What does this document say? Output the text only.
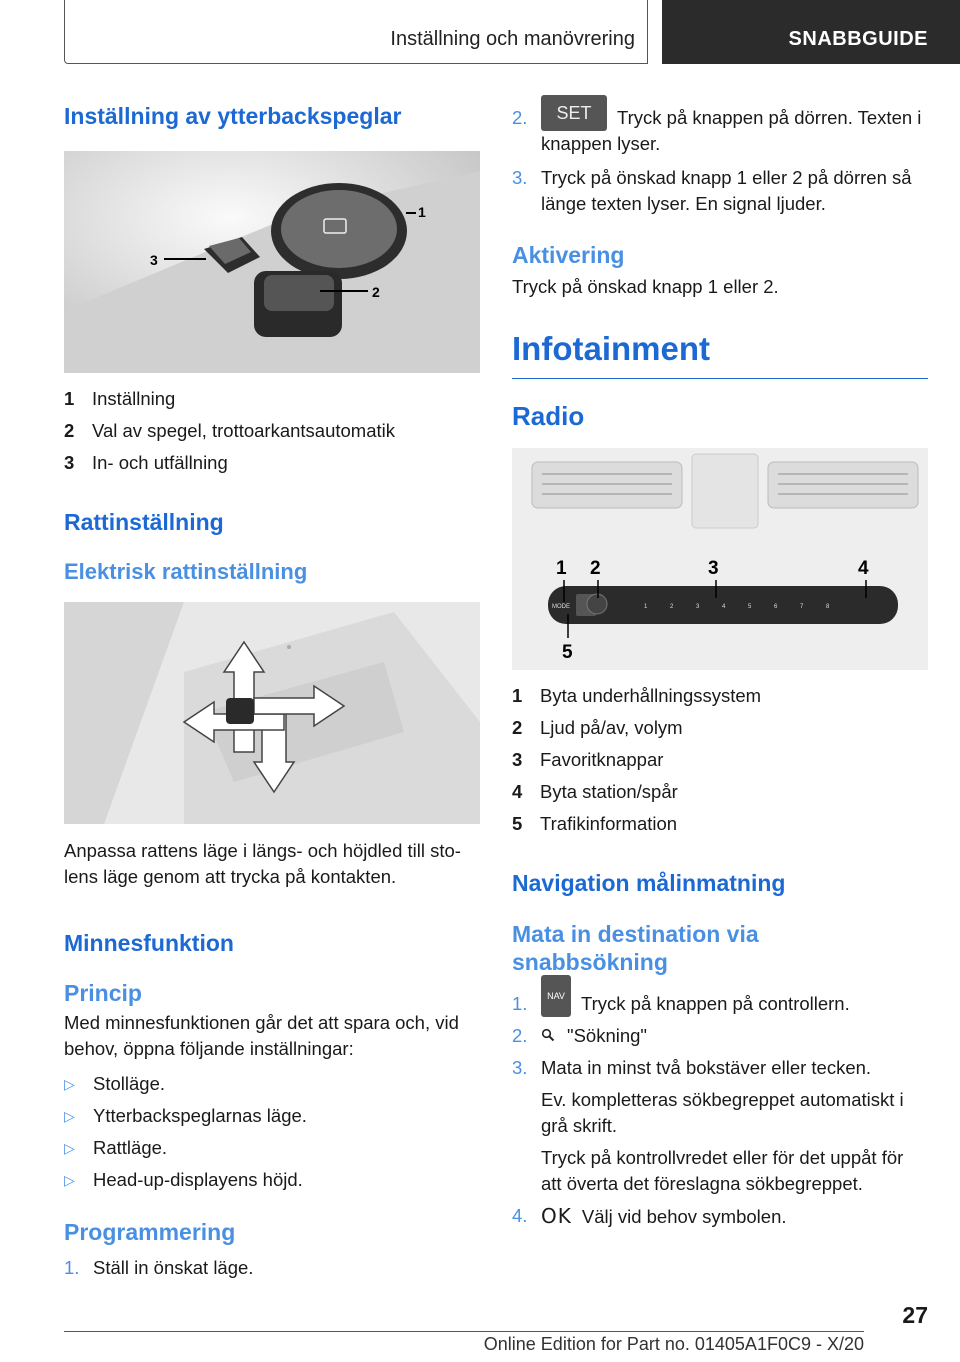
Inställning och manövrering	SNABBGUIDE
Inställning av ytterbackspeglar
1
2
3
1 Inställning
2 Val av spegel, trottoarkantsautomatik
3 In- och utfällning
Rattinställning
Elektrisk rattinställning

Anpassa rattens läge i längs- och höjdled till sto-lens läge genom att trycka på kontakten.

Minnesfunktion
Princip

Med minnesfunktionen går det att spara och, vid behov, öppna följande inställningar:

▷ Stolläge.
▷ Ytterbackspeglarnas läge.
▷ Rattläge.
▷ Head-up-displayens höjd.
Programmering
1. Ställ in önskat läge.
2.	SET Tryck på knappen på dörren. Texten i knappen lyser.
3. Tryck på önskad knapp 1 eller 2 på dörren så länge texten lyser. En signal ljuder.
Aktivering

Tryck på önskad knapp 1 eller 2.

Infotainment
Radio
MODE	1	2	3	4	5	6	7	8
1 2	3	4
5
1 Byta underhållningssystem
2 Ljud på/av, volym
3 Favoritknappar
4 Byta station/spår
5 Trafikinformation
Navigation målinmatning
Mata in destination via snabbsökning
1.	NAV Tryck på knappen på controllern.
2.	"Sökning"
3. Mata in minst två bokstäver eller tecken.
Ev. kompletteras sökbegreppet automatiskt i grå skrift.
Tryck på kontrollvredet eller för det uppåt för att överta det föreslagna sökbegreppet.
4. OK Välj vid behov symbolen.
27
Online Edition for Part no. 01405A1F0C9 - X/20
